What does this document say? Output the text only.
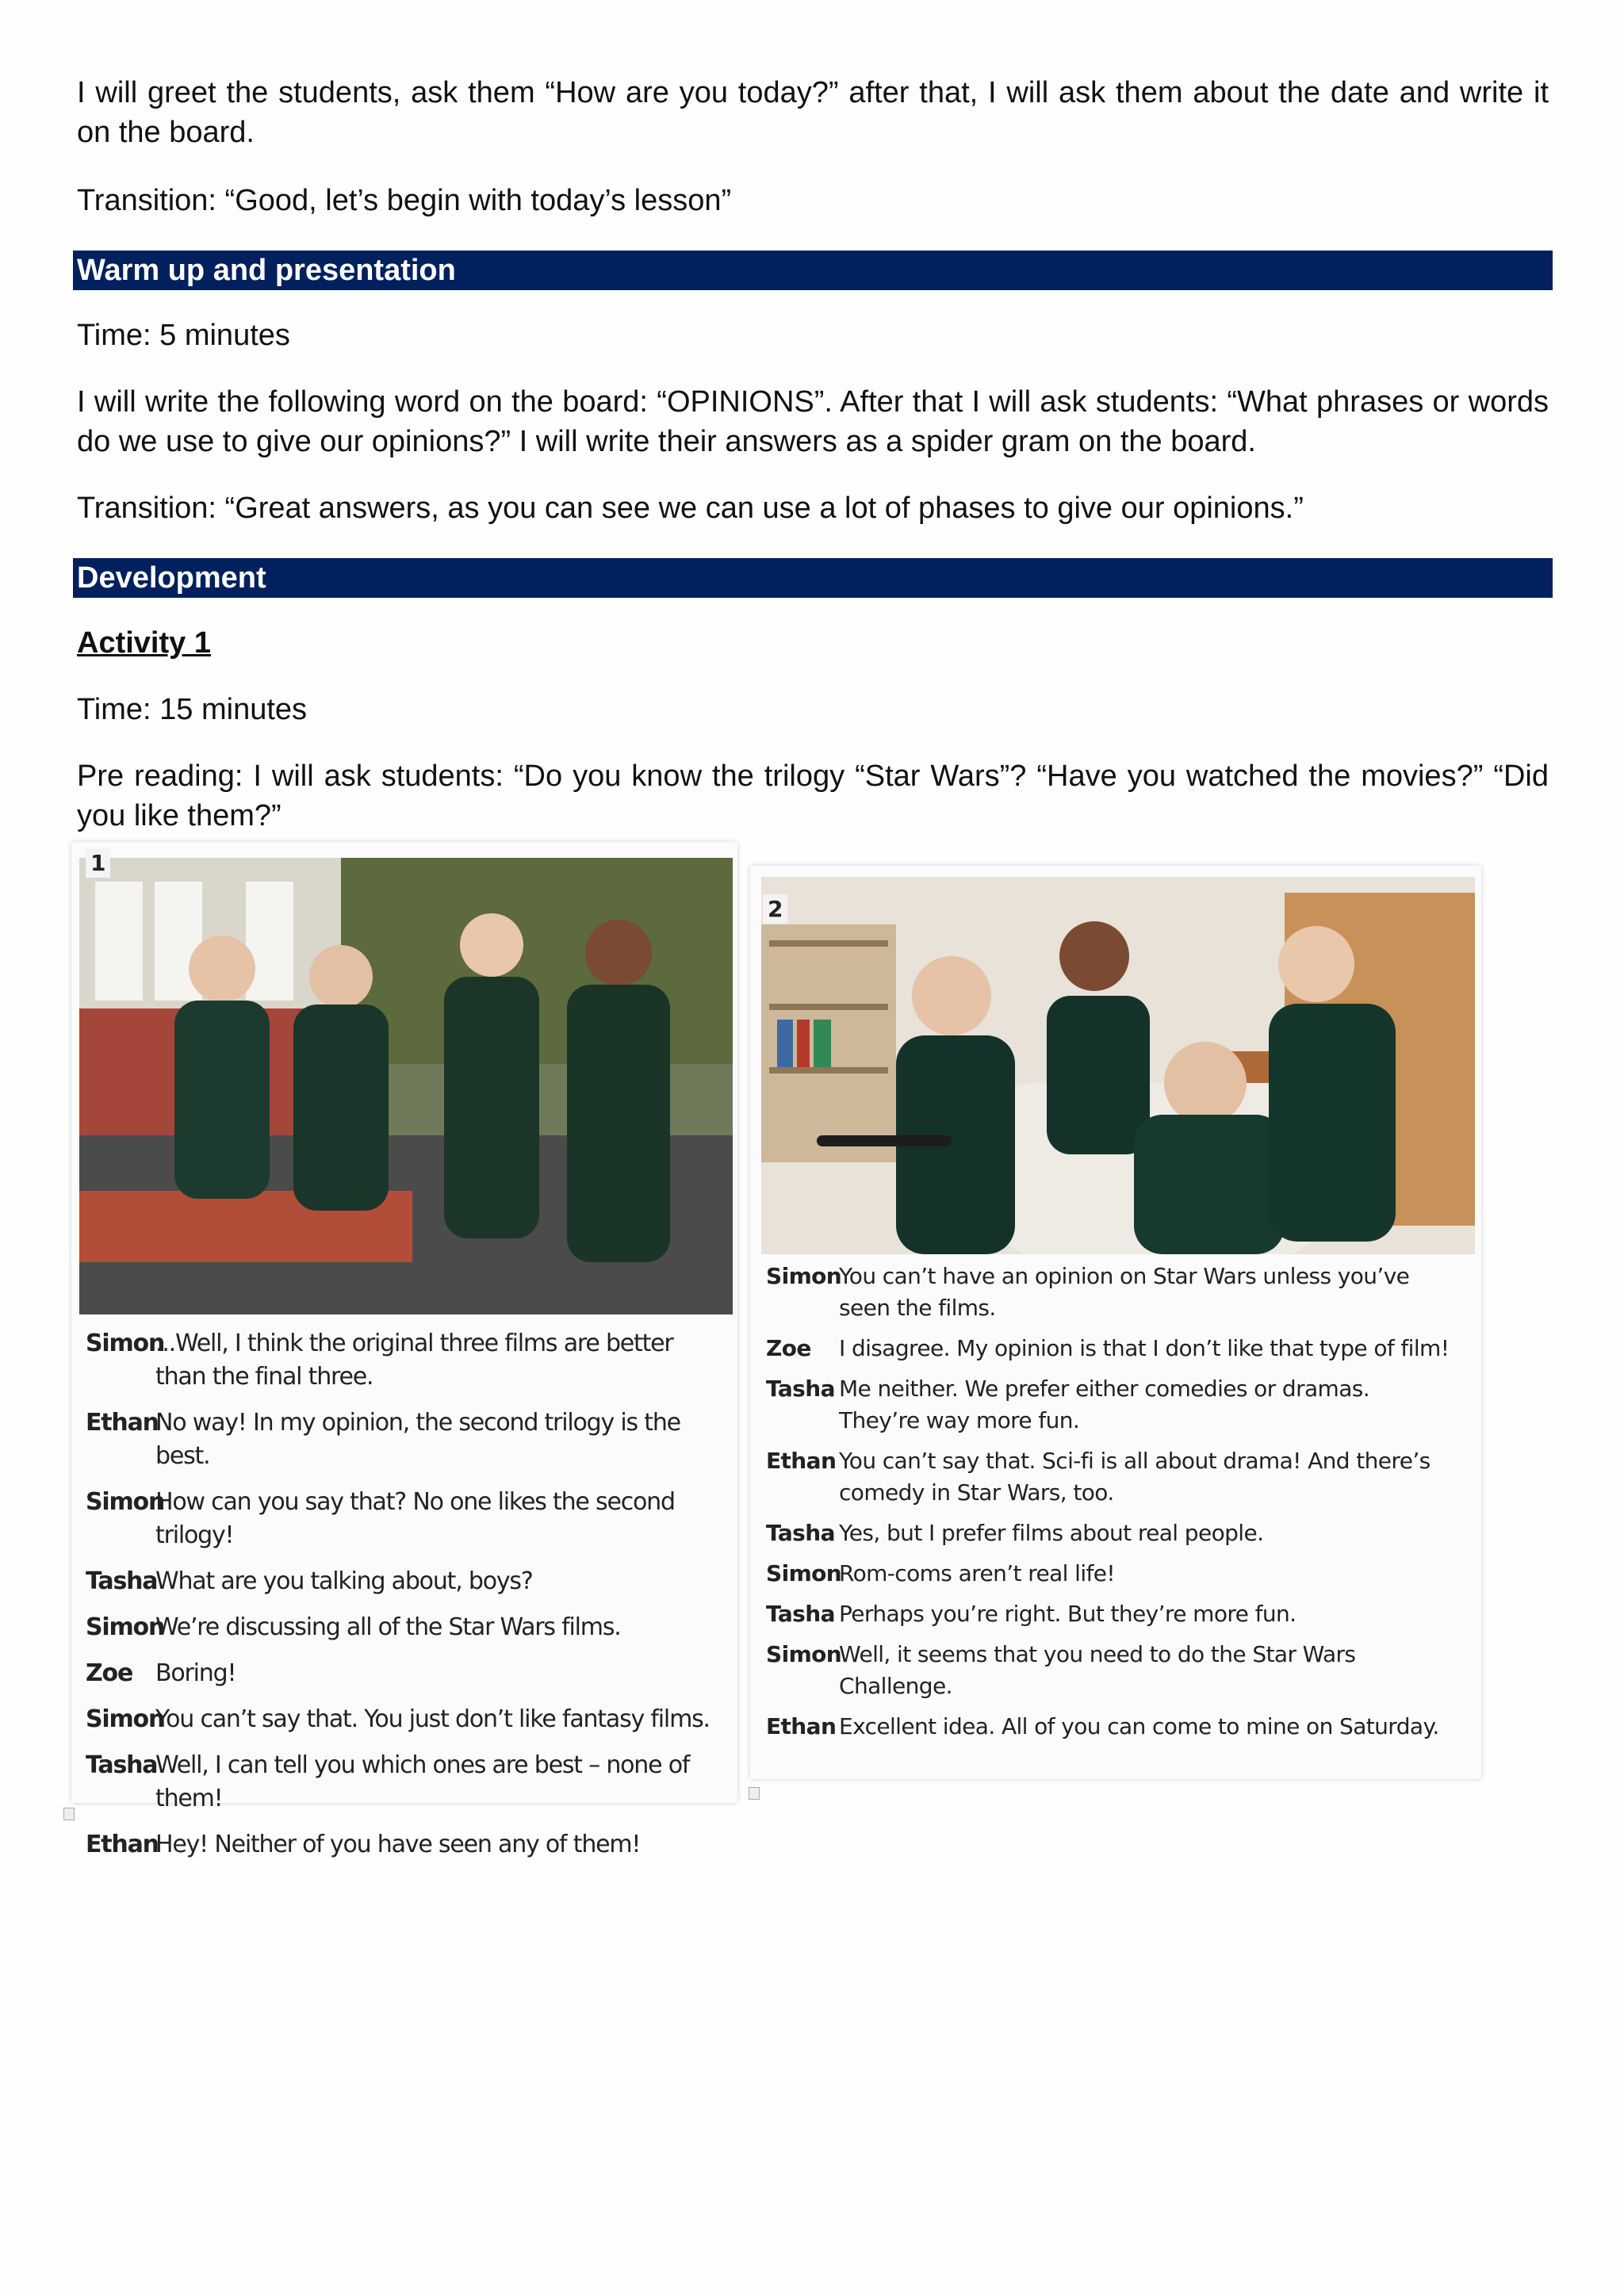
I will greet the students, ask them “How are you today?” after that, I will ask them about the date and write it on the board.

Transition: “Good, let’s begin with today’s lesson”

Warm up and presentation

Time: 5 minutes

I will write the following word on the board: “OPINIONS”. After that I will ask students: “What phrases or words do we use to give our opinions?” I will write their answers as a spider gram on the board.

Transition: “Great answers, as you can see we can use a lot of phases to give our opinions.”

Development

Activity 1

Time: 15 minutes

Pre reading: I will ask students: “Do you know the trilogy “Star Wars”? “Have you watched the movies?” “Did you like them?”

1
Simon
...Well, I think the original three films are better than the final three.
Ethan
No way! In my opinion, the second trilogy is the best.
Simon
How can you say that? No one likes the second trilogy!
Tasha
What are you talking about, boys?
Simon
We’re discussing all of the Star Wars films.
Zoe Boring!
Simon
You can’t say that. You just don’t like fantasy films.
Tasha
Well, I can tell you which ones are best – none of them!
Ethan
Hey! Neither of you have seen any of them!
2
Simon
You can’t have an opinion on Star Wars unless you’ve seen the films.
Zoe	I disagree. My opinion is that I don’t like that type of film!
Tasha Me neither. We prefer either comedies or dramas. They’re way more fun.
Ethan You can’t say that. Sci-fi is all about drama! And there’s comedy in Star Wars, too.
Tasha Yes, but I prefer films about real people.
Simon
Rom-coms aren’t real life!
Tasha Perhaps you’re right. But they’re more fun.
Simon
Well, it seems that you need to do the Star Wars Challenge.
Ethan Excellent idea. All of you can come to mine on Saturday.
